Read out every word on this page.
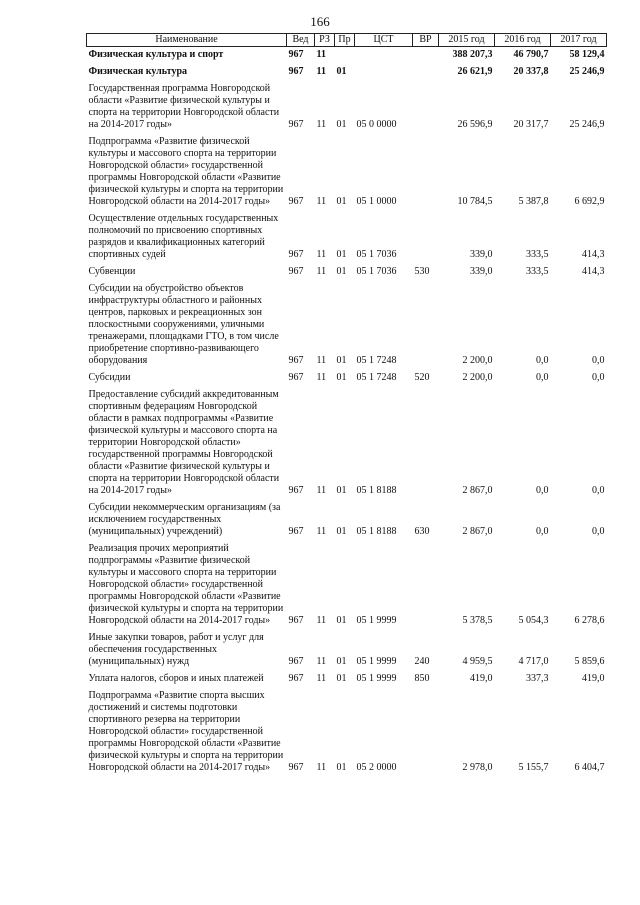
166
Наименование	Вед	РЗ	Пр	ЦСТ	ВР	2015 год	2016 год	2017 год
Физическая культура и спорт	967	11				388 207,3	46 790,7	58 129,4
Физическая культура	967	11	01			26 621,9	20 337,8	25 246,9
Государственная программа Новгородской области «Развитие физической культуры и спорта на территории Новгородской области на 2014-2017 годы»	967	11	01	05 0 0000		26 596,9	20 317,7	25 246,9
Подпрограмма «Развитие физической культуры и массового спорта на территории Новгородской области» государственной программы Новгородской области «Развитие физической культуры и спорта на территории Новгородской области на 2014-2017 годы»	967	11	01	05 1 0000		10 784,5	5 387,8	6 692,9
Осуществление отдельных государственных полномочий по присвоению спортивных разрядов и квалификационных категорий спортивных судей	967	11	01	05 1 7036		339,0	333,5	414,3
Субвенции	967	11	01	05 1 7036	530	339,0	333,5	414,3
Субсидии на обустройство объектов инфраструктуры областного и районных центров, парковых и рекреационных зон плоскостными сооружениями, уличными тренажерами, площадками ГТО, в том числе приобретение спортивно-развивающего оборудования	967	11	01	05 1 7248		2 200,0	0,0	0,0
Субсидии	967	11	01	05 1 7248	520	2 200,0	0,0	0,0
Предоставление субсидий аккредитованным спортивным федерациям Новгородской области в рамках подпрограммы «Развитие физической культуры и массового спорта на территории Новгородской области» государственной программы Новгородской области «Развитие физической культуры и спорта на территории Новгородской области на 2014-2017 годы»	967	11	01	05 1 8188		2 867,0	0,0	0,0
Субсидии некоммерческим организациям (за исключением государственных (муниципальных) учреждений)	967	11	01	05 1 8188	630	2 867,0	0,0	0,0
Реализация прочих мероприятий подпрограммы «Развитие физической культуры и массового спорта на территории Новгородской области» государственной программы Новгородской области «Развитие физической культуры и спорта на территории Новгородской области на 2014-2017 годы»	967	11	01	05 1 9999		5 378,5	5 054,3	6 278,6
Иные закупки товаров, работ и услуг для обеспечения государственных (муниципальных) нужд	967	11	01	05 1 9999	240	4 959,5	4 717,0	5 859,6
Уплата налогов, сборов и иных платежей	967	11	01	05 1 9999	850	419,0	337,3	419,0
Подпрограмма «Развитие спорта высших достижений и системы подготовки спортивного резерва на территории Новгородской области» государственной программы Новгородской области «Развитие физической культуры и спорта на территории Новгородской области на 2014-2017 годы»	967	11	01	05 2 0000		2 978,0	5 155,7	6 404,7
